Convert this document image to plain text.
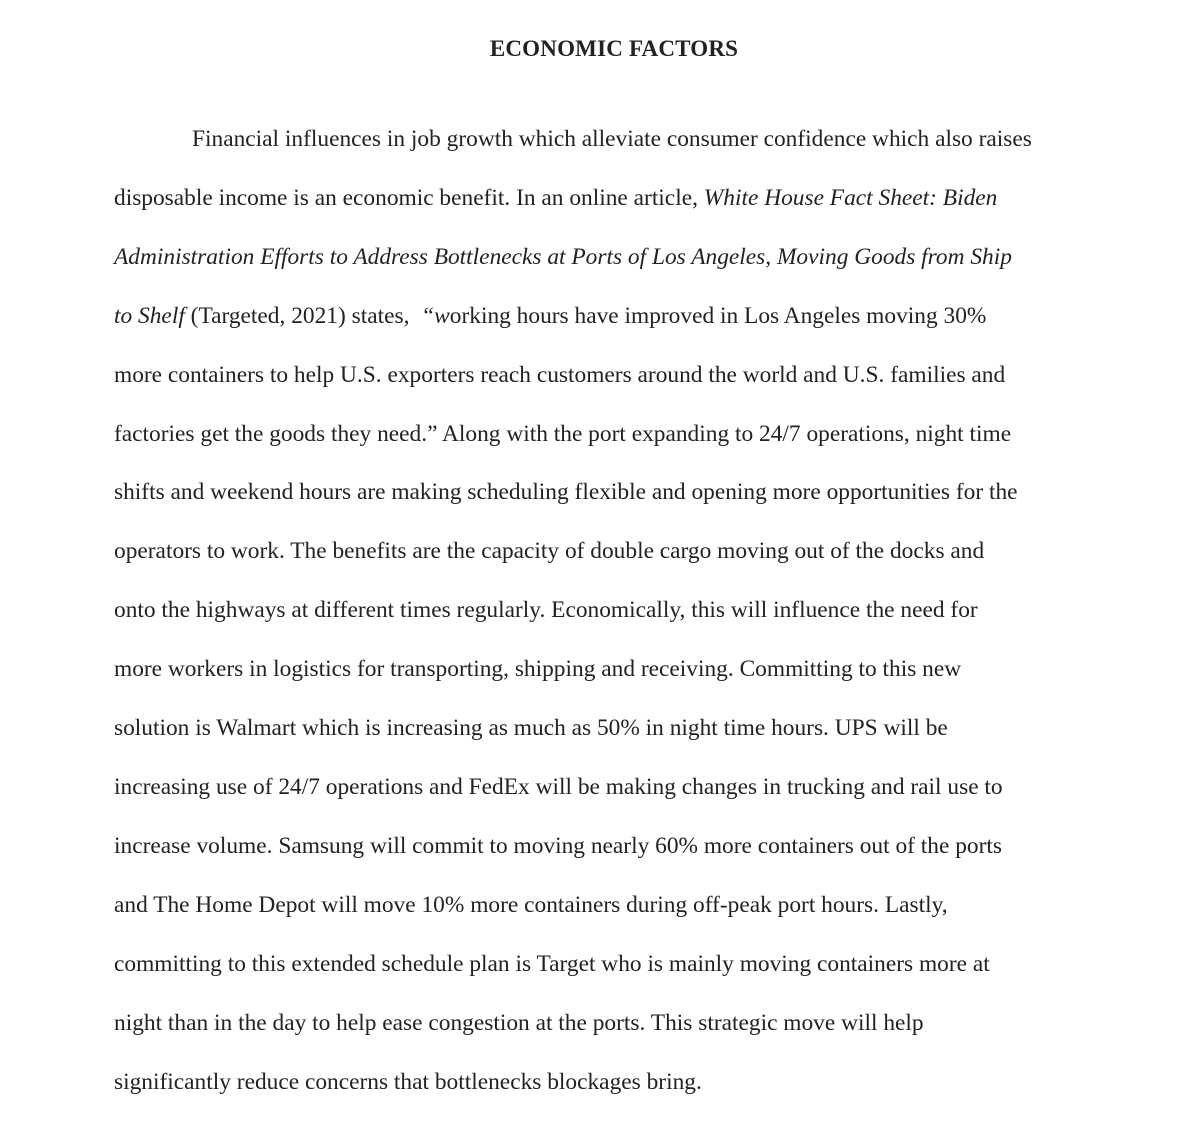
ECONOMIC FACTORS
Financial influences in job growth which alleviate consumer confidence which also raises
disposable income is an economic benefit. In an online article, White House Fact Sheet: Biden
Administration Efforts to Address Bottlenecks at Ports of Los Angeles, Moving Goods from Ship
to Shelf (Targeted, 2021) states,  “working hours have improved in Los Angeles moving 30%
more containers to help U.S. exporters reach customers around the world and U.S. families and
factories get the goods they need.” Along with the port expanding to 24/7 operations, night time
shifts and weekend hours are making scheduling flexible and opening more opportunities for the
operators to work. The benefits are the capacity of double cargo moving out of the docks and
onto the highways at different times regularly. Economically, this will influence the need for
more workers in logistics for transporting, shipping and receiving. Committing to this new
solution is Walmart which is increasing as much as 50% in night time hours. UPS will be
increasing use of 24/7 operations and FedEx will be making changes in trucking and rail use to
increase volume. Samsung will commit to moving nearly 60% more containers out of the ports
and The Home Depot will move 10% more containers during off-peak port hours. Lastly,
committing to this extended schedule plan is Target who is mainly moving containers more at
night than in the day to help ease congestion at the ports. This strategic move will help
significantly reduce concerns that bottlenecks blockages bring.
